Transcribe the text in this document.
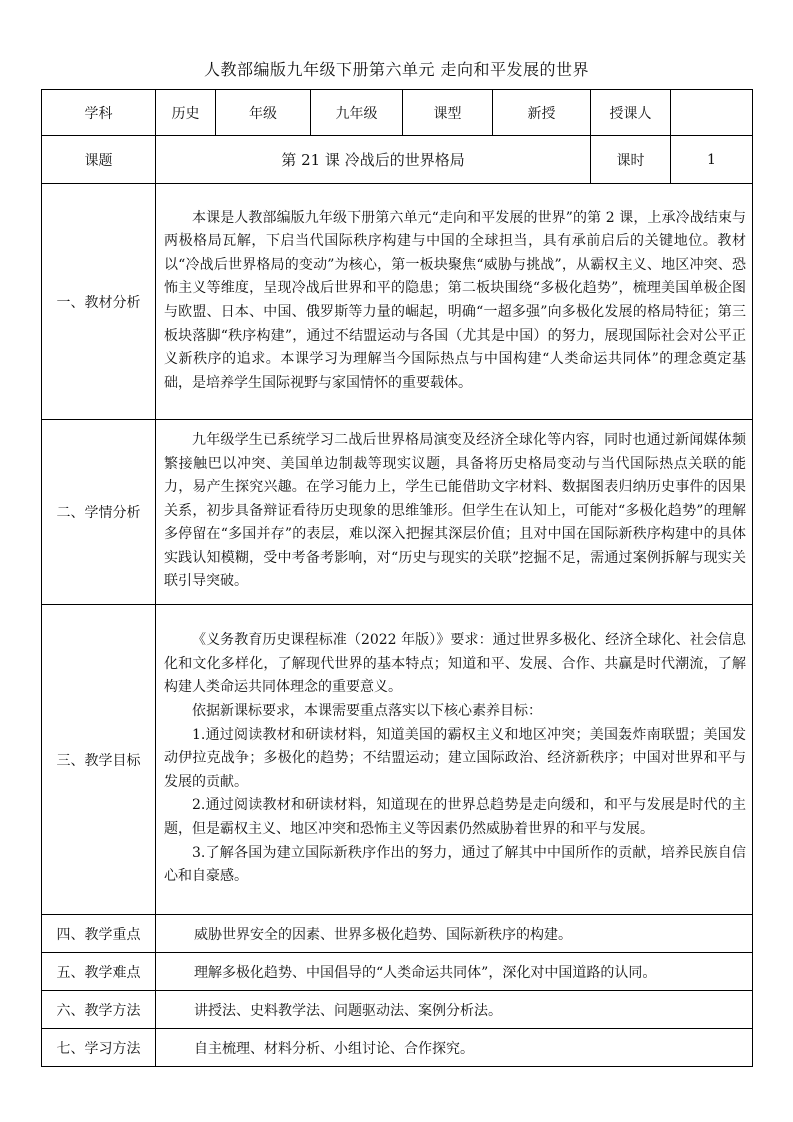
人教部编版九年级下册第六单元 走向和平发展的世界
学科	历史	年级	九年级	课型	新授	授课人	
课题	第 21 课 冷战后的世界格局					课时	1
一、教材分析	本课是人教部编版九年级下册第六单元“走向和平发展的世界”的第 2 课，上承冷战结束与两极格局瓦解，下启当代国际秩序构建与中国的全球担当，具有承前启后的关键地位。教材以“冷战后世界格局的变动”为核心，第一板块聚焦“威胁与挑战”，从霸权主义、地区冲突、恐怖主义等维度，呈现冷战后世界和平的隐患；第二板块围绕“多极化趋势”，梳理美国单极企图与欧盟、日本、中国、俄罗斯等力量的崛起，明确“一超多强”向多极化发展的格局特征；第三板块落脚“秩序构建”，通过不结盟运动与各国（尤其是中国）的努力，展现国际社会对公平正义新秩序的追求。本课学习为理解当今国际热点与中国构建“人类命运共同体”的理念奠定基础，是培养学生国际视野与家国情怀的重要载体。						

二、学情分析	九年级学生已系统学习二战后世界格局演变及经济全球化等内容，同时也通过新闻媒体频繁接触巴以冲突、美国单边制裁等现实议题，具备将历史格局变动与当代国际热点关联的能力，易产生探究兴趣。在学习能力上，学生已能借助文字材料、数据图表归纳历史事件的因果关系，初步具备辩证看待历史现象的思维雏形。但学生在认知上，可能对“多极化趋势”的理解多停留在“多国并存”的表层，难以深入把握其深层价值；且对中国在国际新秩序构建中的具体实践认知模糊，受中考备考影响，对“历史与现实的关联”挖掘不足，需通过案例拆解与现实关联引导突破。						

三、教学目标	《义务教育历史课程标准（2022 年版）》要求：通过世界多极化、经济全球化、社会信息化和文化多样化，了解现代世界的基本特点；知道和平、发展、合作、共赢是时代潮流，了解构建人类命运共同体理念的重要意义。

依据新课标要求，本课需要重点落实以下核心素养目标：

1.通过阅读教材和研读材料，知道美国的霸权主义和地区冲突；美国轰炸南联盟；美国发动伊拉克战争；多极化的趋势；不结盟运动；建立国际政治、经济新秩序；中国对世界和平与发展的贡献。

2.通过阅读教材和研读材料，知道现在的世界总趋势是走向缓和，和平与发展是时代的主题，但是霸权主义、地区冲突和恐怖主义等因素仍然威胁着世界的和平与发展。

3.了解各国为建立国际新秩序作出的努力，通过了解其中中国所作的贡献，培养民族自信心和自豪感。						

四、教学重点	威胁世界安全的因素、世界多极化趋势、国际新秩序的构建。						
五、教学难点	理解多极化趋势、中国倡导的“人类命运共同体”，深化对中国道路的认同。						
六、教学方法	讲授法、史料教学法、问题驱动法、案例分析法。						
七、学习方法	自主梳理、材料分析、小组讨论、合作探究。						
